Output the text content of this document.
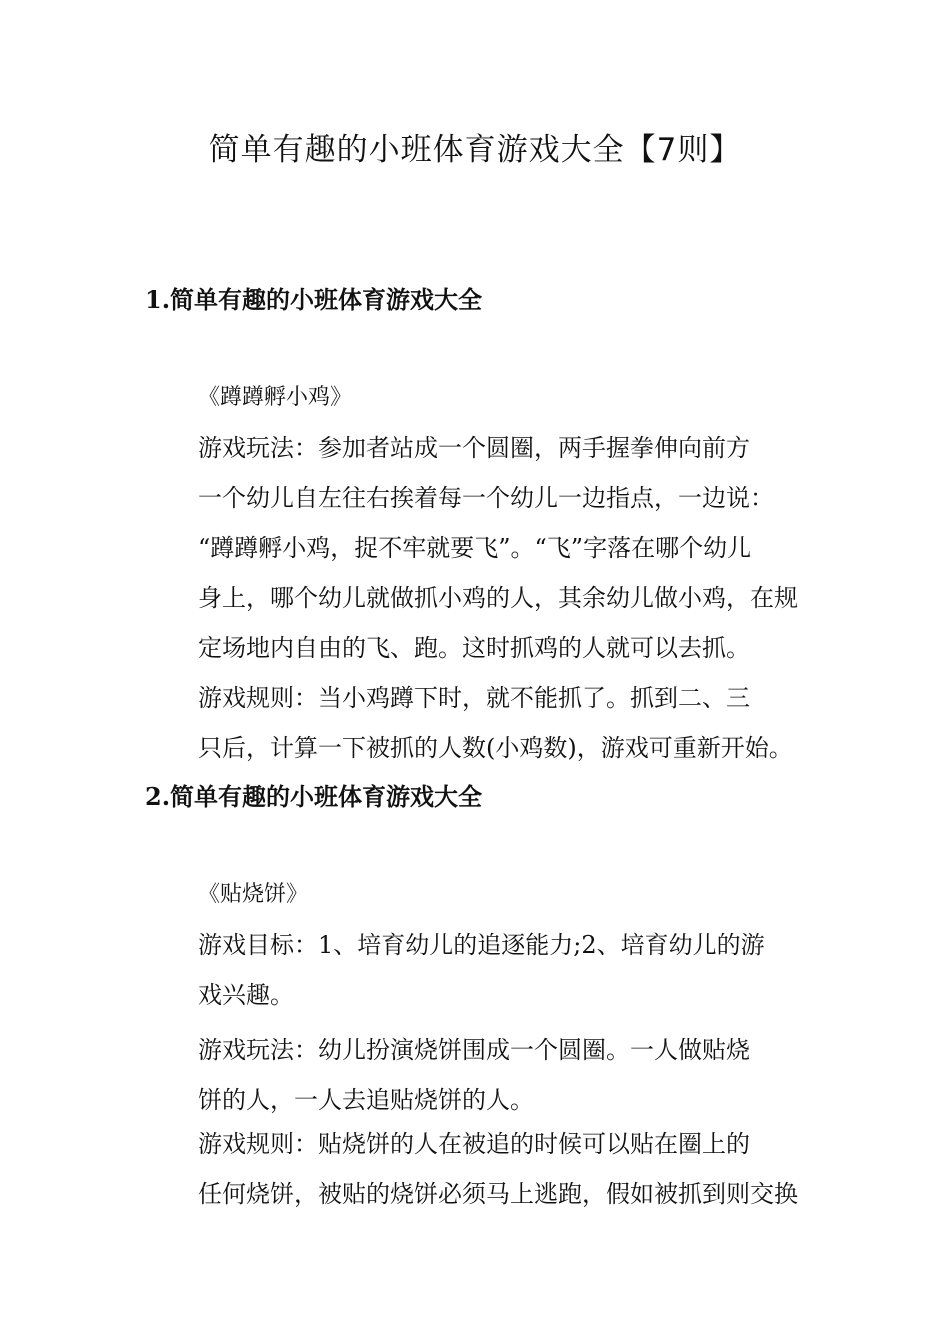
简单有趣的小班体育游戏大全【7则】
1.简单有趣的小班体育游戏大全
《蹲蹲孵小鸡》

游戏玩法：参加者站成一个圆圈，两手握拳伸向前方
一个幼儿自左往右挨着每一个幼儿一边指点，一边说：
“蹲蹲孵小鸡，捉不牢就要飞”。“飞”字落在哪个幼儿
身上，哪个幼儿就做抓小鸡的人，其余幼儿做小鸡，在规
定场地内自由的飞、跑。这时抓鸡的人就可以去抓。

游戏规则：当小鸡蹲下时，就不能抓了。抓到二、三
只后，计算一下被抓的人数(小鸡数)，游戏可重新开始。

2.简单有趣的小班体育游戏大全
《贴烧饼》

游戏目标：1、培育幼儿的追逐能力;2、培育幼儿的游
戏兴趣。

游戏玩法：幼儿扮演烧饼围成一个圆圈。一人做贴烧
饼的人，一人去追贴烧饼的人。

游戏规则：贴烧饼的人在被追的时候可以贴在圈上的
任何烧饼，被贴的烧饼必须马上逃跑，假如被抓到则交换
